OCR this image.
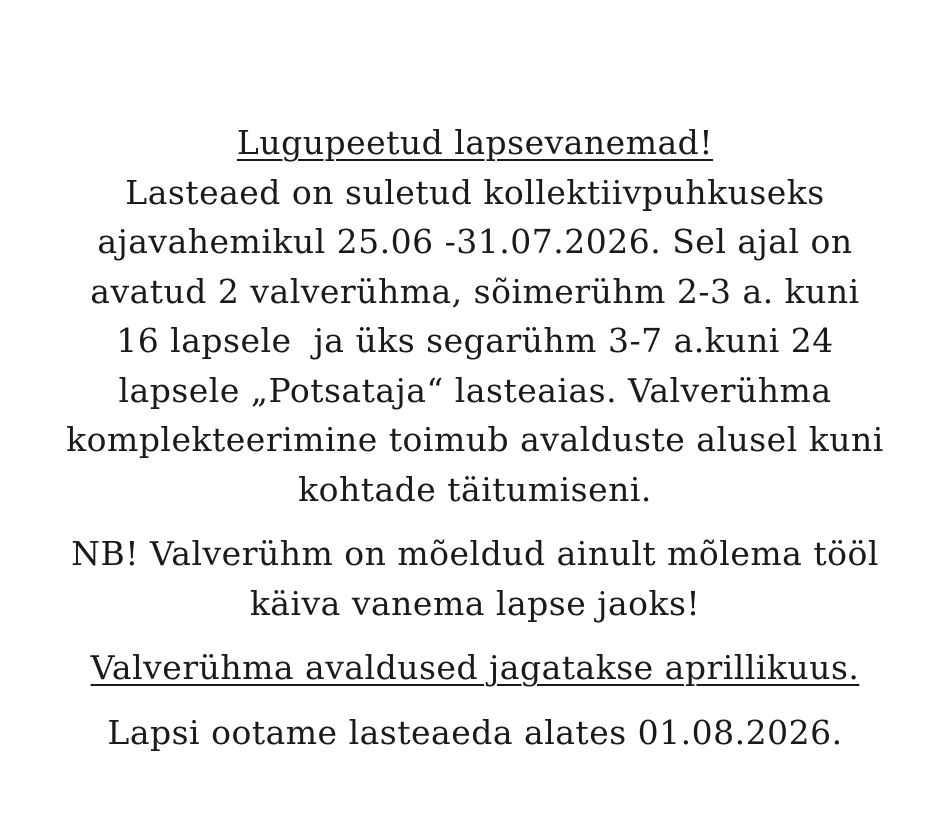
Lugupeetud lapsevanemad!

Lasteaed on suletud kollektiivpuhkuseks
ajavahemikul 25.06 -31.07.2026. Sel ajal on
avatud 2 valverühma, sõimerühm 2-3 a. kuni
16 lapsele  ja üks segarühm 3-7 a.kuni 24
lapsele „Potsataja“ lasteaias. Valverühma
komplekteerimine toimub avalduste alusel kuni
kohtade täitumiseni.

NB! Valverühm on mõeldud ainult mõlema tööl
käiva vanema lapse jaoks!

Valverühma avaldused jagatakse aprillikuus.

Lapsi ootame lasteaeda alates 01.08.2026.
